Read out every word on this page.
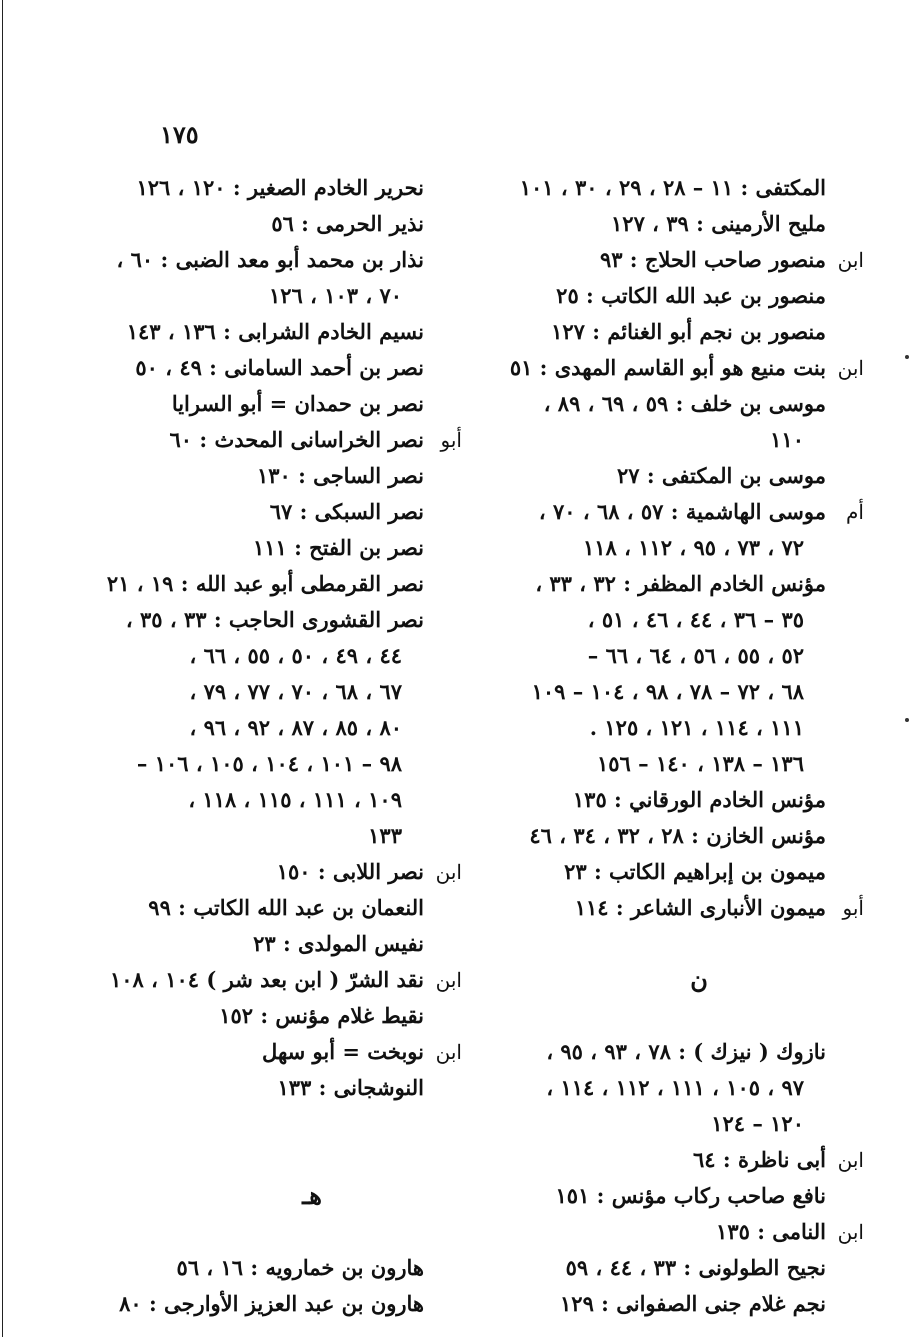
١٧٥
المكتفى : ١١ – ٢٨ ، ٢٩ ، ٣٠ ، ١٠١
مليح الأرمينى : ٣٩ ، ١٢٧
ابن
منصور صاحب الحلاج : ٩٣
منصور بن عبد الله الكاتب : ٢٥
منصور بن نجم أبو الغنائم : ١٢٧
ابن
بنت منيع هو أبو القاسم المهدى : ٥١
موسى بن خلف : ٥٩ ، ٦٩ ، ٨٩ ،
١١٠
موسى بن المكتفى : ٢٧
أم
موسى الهاشمية : ٥٧ ، ٦٨ ، ٧٠ ،
٧٢ ، ٧٣ ، ٩٥ ، ١١٢ ، ١١٨
مؤنس الخادم المظفر : ٣٢ ، ٣٣ ،
٣٥ – ٣٦ ، ٤٤ ، ٤٦ ، ٥١ ،
٥٢ ، ٥٥ ، ٥٦ ، ٦٤ ، ٦٦ –
٦٨ ، ٧٢ – ٧٨ ، ٩٨ ، ١٠٤ – ١٠٩
١١١ ، ١١٤ ، ١٢١ ، ١٢٥ .
١٣٦ – ١٣٨ ، ١٤٠ – ١٥٦
مؤنس الخادم الورقاني : ١٣٥
مؤنس الخازن : ٢٨ ، ٣٢ ، ٣٤ ، ٤٦
ميمون بن إبراهيم الكاتب : ٢٣
أبو
ميمون الأنبارى الشاعر : ١١٤
ن
نازوك ( نيزك ) : ٧٨ ، ٩٣ ، ٩٥ ،
٩٧ ، ١٠٥ ، ١١١ ، ١١٢ ، ١١٤ ،
١٢٠ – ١٢٤
ابن
أبى ناظرة : ٦٤
نافع صاحب ركاب مؤنس : ١٥١
ابن
النامى : ١٣٥
نجيح الطولونى : ٣٣ ، ٤٤ ، ٥٩
نجم غلام جنى الصفوانى : ١٢٩
نحرير الخادم الصغير : ١٢٠ ، ١٢٦
نذير الحرمى : ٥٦
نذار بن محمد أبو معد الضبى : ٦٠ ،
٧٠ ، ١٠٣ ، ١٢٦
نسيم الخادم الشرابى : ١٣٦ ، ١٤٣
نصر بن أحمد السامانى : ٤٩ ، ٥٠
نصر بن حمدان = أبو السرايا
أبو
نصر الخراسانى المحدث : ٦٠
نصر الساجى : ١٣٠
نصر السبكى : ٦٧
نصر بن الفتح : ١١١
نصر القرمطى أبو عبد الله : ١٩ ، ٢١
نصر القشورى الحاجب : ٣٣ ، ٣٥ ،
٤٤ ، ٤٩ ، ٥٠ ، ٥٥ ، ٦٦ ،
٦٧ ، ٦٨ ، ٧٠ ، ٧٧ ، ٧٩ ،
٨٠ ، ٨٥ ، ٨٧ ، ٩٢ ، ٩٦ ،
٩٨ – ١٠١ ، ١٠٤ ، ١٠٥ ، ١٠٦ –
١٠٩ ، ١١١ ، ١١٥ ، ١١٨ ،
١٣٣
ابن
نصر اللابى : ١٥٠
النعمان بن عبد الله الكاتب : ٩٩
نفيس المولدى : ٢٣
ابن
نقد الشرّ ( ابن بعد شر ) ١٠٤ ، ١٠٨
نقيط غلام مؤنس : ١٥٢
ابن
نوبخت = أبو سهل
النوشجانى : ١٣٣
هـ
هارون بن خمارويه : ١٦ ، ٥٦
هارون بن عبد العزيز الأوارجى : ٨٠
